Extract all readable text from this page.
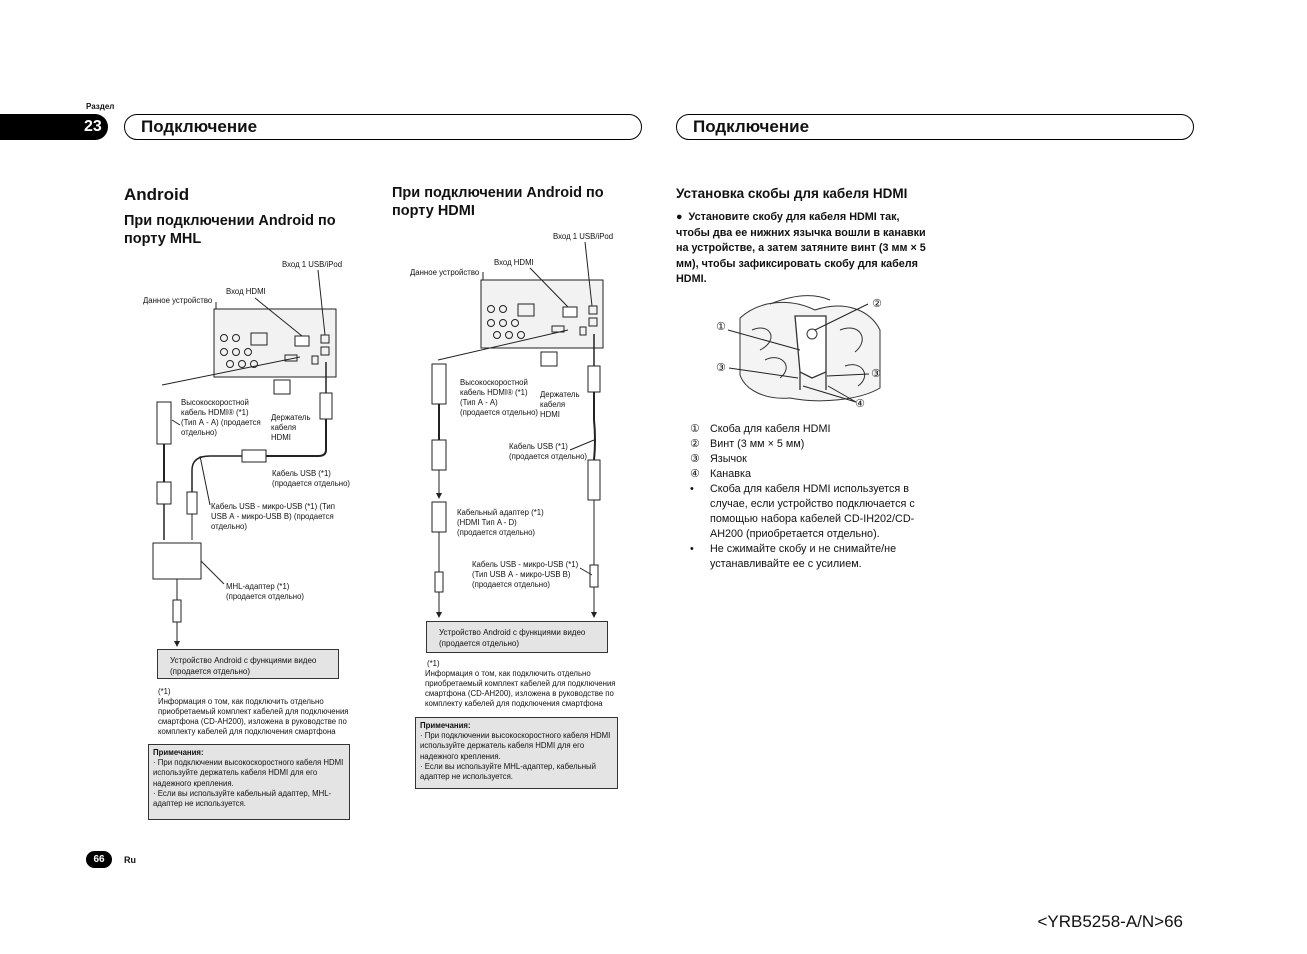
Раздел
23	Подключение	Подключение
Android
При подключении Android по порту MHL
Вход 1 USB/iPod
Вход HDMI
Данное устройство
Высокоскоростной кабель HDMI® (*1) (Тип А - А) (продается отдельно)
Держатель кабеля HDMI
Кабель USB (*1) (продается отдельно)
Кабель USB - микро-USB (*1) (Тип USB А - микро-USB B) (продается отдельно)
MHL-адаптер (*1) (продается отдельно)
Устройство Android с функциями видео (продается отдельно)
(*1)
Информация о том, как подключить отдельно приобретаемый комплект кабелей для подключения смартфона (CD-AH200), изложена в руководстве по комплекту кабелей для подключения смартфона
Примечания:
· При подключении высокоскоростного кабеля HDMI используйте держатель кабеля HDMI для его надежного крепления.
· Если вы используйте кабельный адаптер, MHL-адаптер не используется.
При подключении Android по порту HDMI
Вход 1 USB/iPod
Вход HDMI
Данное устройство
Высокоскоростной кабель HDMI® (*1) (Тип А - А) (продается отдельно)
Держатель кабеля HDMI
Кабель USB (*1) (продается отдельно)
Кабельный адаптер (*1) (HDMI Тип A - D) (продается отдельно)
Кабель USB - микро-USB (*1) (Тип USB А - микро-USB B) (продается отдельно)
Устройство Android с функциями видео (продается отдельно)
(*1)
Информация о том, как подключить отдельно приобретаемый комплект кабелей для подключения смартфона (CD-AH200), изложена в руководстве по комплекту кабелей для подключения смартфона
Примечания:
· При подключении высокоскоростного кабеля HDMI используйте держатель кабеля HDMI для его надежного крепления.
· Если вы используйте MHL-адаптер, кабельный адаптер не используется.
Установка скобы для кабеля HDMI
●  Установите скобу для кабеля HDMI так, чтобы два ее нижних язычка вошли в канавки на устройстве, а затем затяните винт (3 мм × 5 мм), чтобы зафиксировать скобу для кабеля HDMI.
①
②
③	③
④
① Скоба для кабеля HDMI
② Винт (3 мм × 5 мм)
③ Язычок
④ Канавка
• Скоба для кабеля HDMI используется в случае, если устройство подключается с помощью набора кабелей CD-IH202/CD-AH200 (приобретается отдельно).
• Не сжимайте скобу и не снимайте/не устанавливайте ее с усилием.
66	Ru
<YRB5258-A/N>66
